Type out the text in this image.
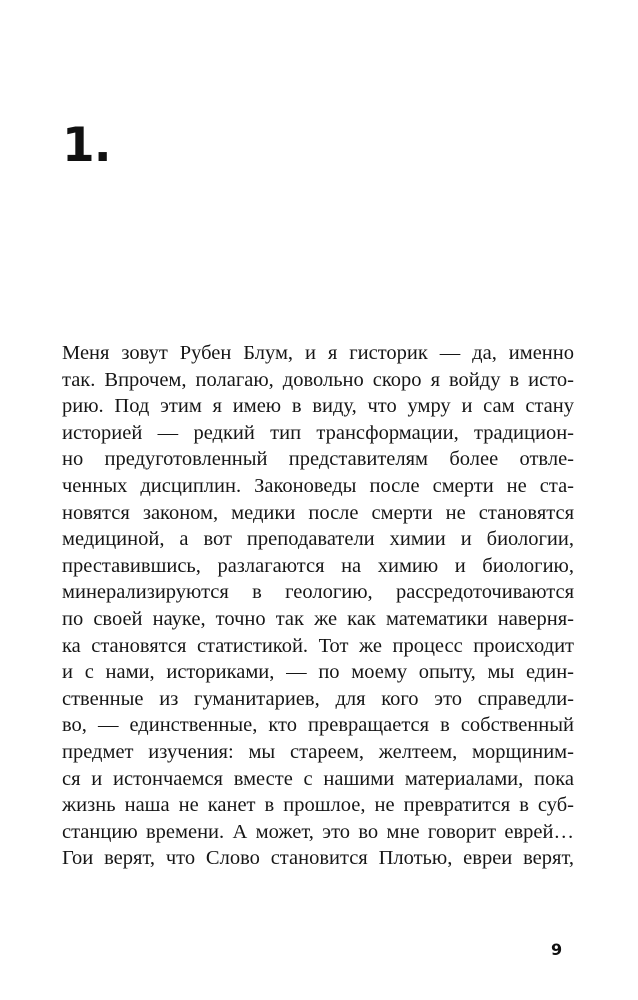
1.
Меня зовут Рубен Блум, и я гисторик — да, именно
так. Впрочем, полагаю, довольно скоро я войду в исто-
рию. Под этим я имею в виду, что умру и сам стану
историей — редкий тип трансформации, традицион-
но предуготовленный представителям более отвле-
ченных дисциплин. Законоведы после смерти не ста-
новятся законом, медики после смерти не становятся
медициной, а вот преподаватели химии и биологии,
преставившись, разлагаются на химию и биологию,
минерализируются в геологию, рассредоточиваются
по своей науке, точно так же как математики наверня-
ка становятся статистикой. Тот же процесс происходит
и с нами, историками, — по моему опыту, мы един-
ственные из гуманитариев, для кого это справедли-
во, — единственные, кто превращается в собственный
предмет изучения: мы стареем, желтеем, морщиним-
ся и истончаемся вместе с нашими материалами, пока
жизнь наша не канет в прошлое, не превратится в суб-
станцию времени. А может, это во мне говорит еврей…
Гои верят, что Слово становится Плотью, евреи верят,
9
